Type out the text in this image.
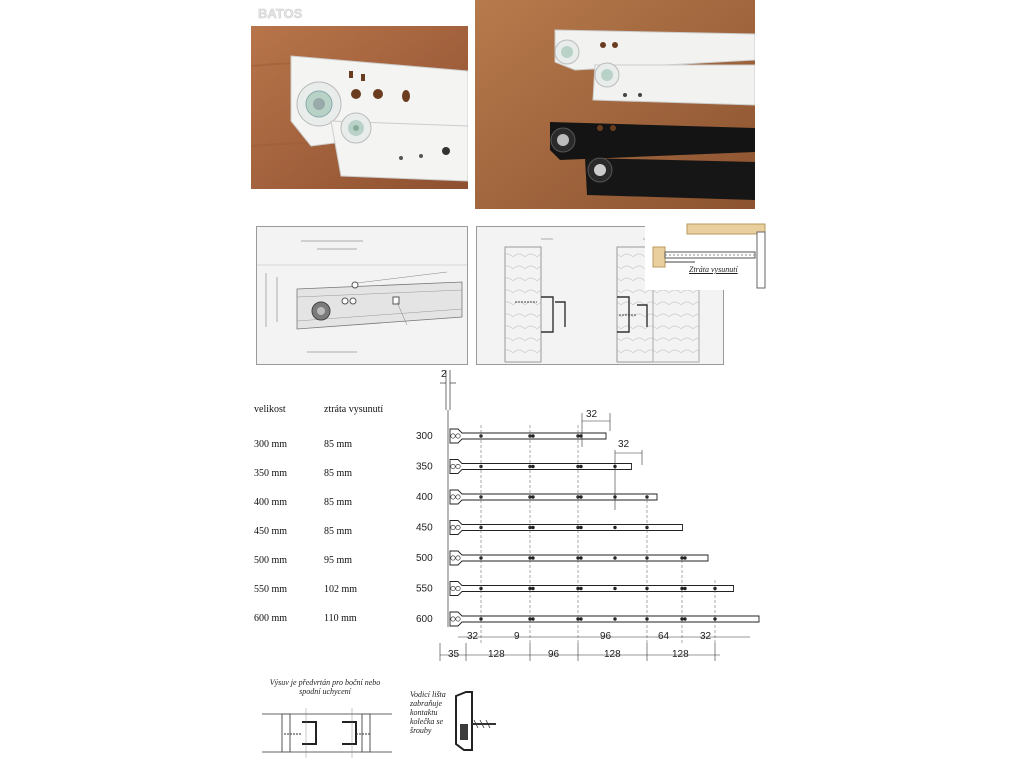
BATOS
Ztráta vysunutí
velikost	ztráta vysunutí
300 mm	85 mm
350 mm	85 mm
400 mm	85 mm
450 mm	85 mm
500 mm	95 mm
550 mm	102 mm
600 mm	110 mm
2
300
350
400
450
500
550
600
32
32
32	9	96	64	32
35	128	96	128	128
Výsuv je předvrtán pro boční nebo spodní uchycení	Vodicí lišta zabraňuje kontaktu kolečka se šrouby
